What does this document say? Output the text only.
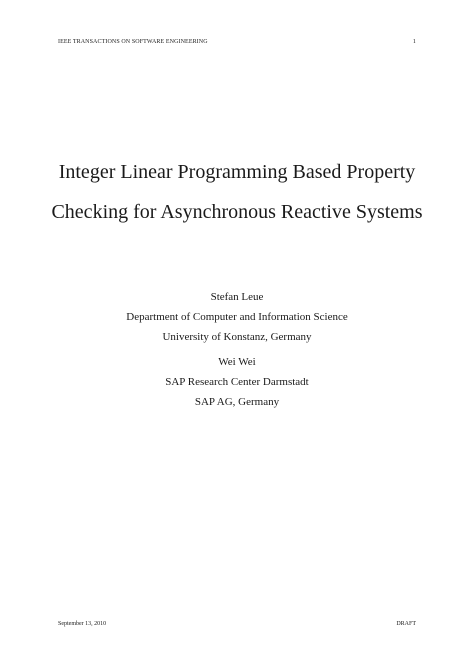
IEEE TRANSACTIONS ON SOFTWARE ENGINEERING	1

Integer Linear Programming Based Property

Checking for Asynchronous Reactive Systems

Stefan Leue

Department of Computer and Information Science

University of Konstanz, Germany

Wei Wei

SAP Research Center Darmstadt

SAP AG, Germany

September 13, 2010	DRAFT
